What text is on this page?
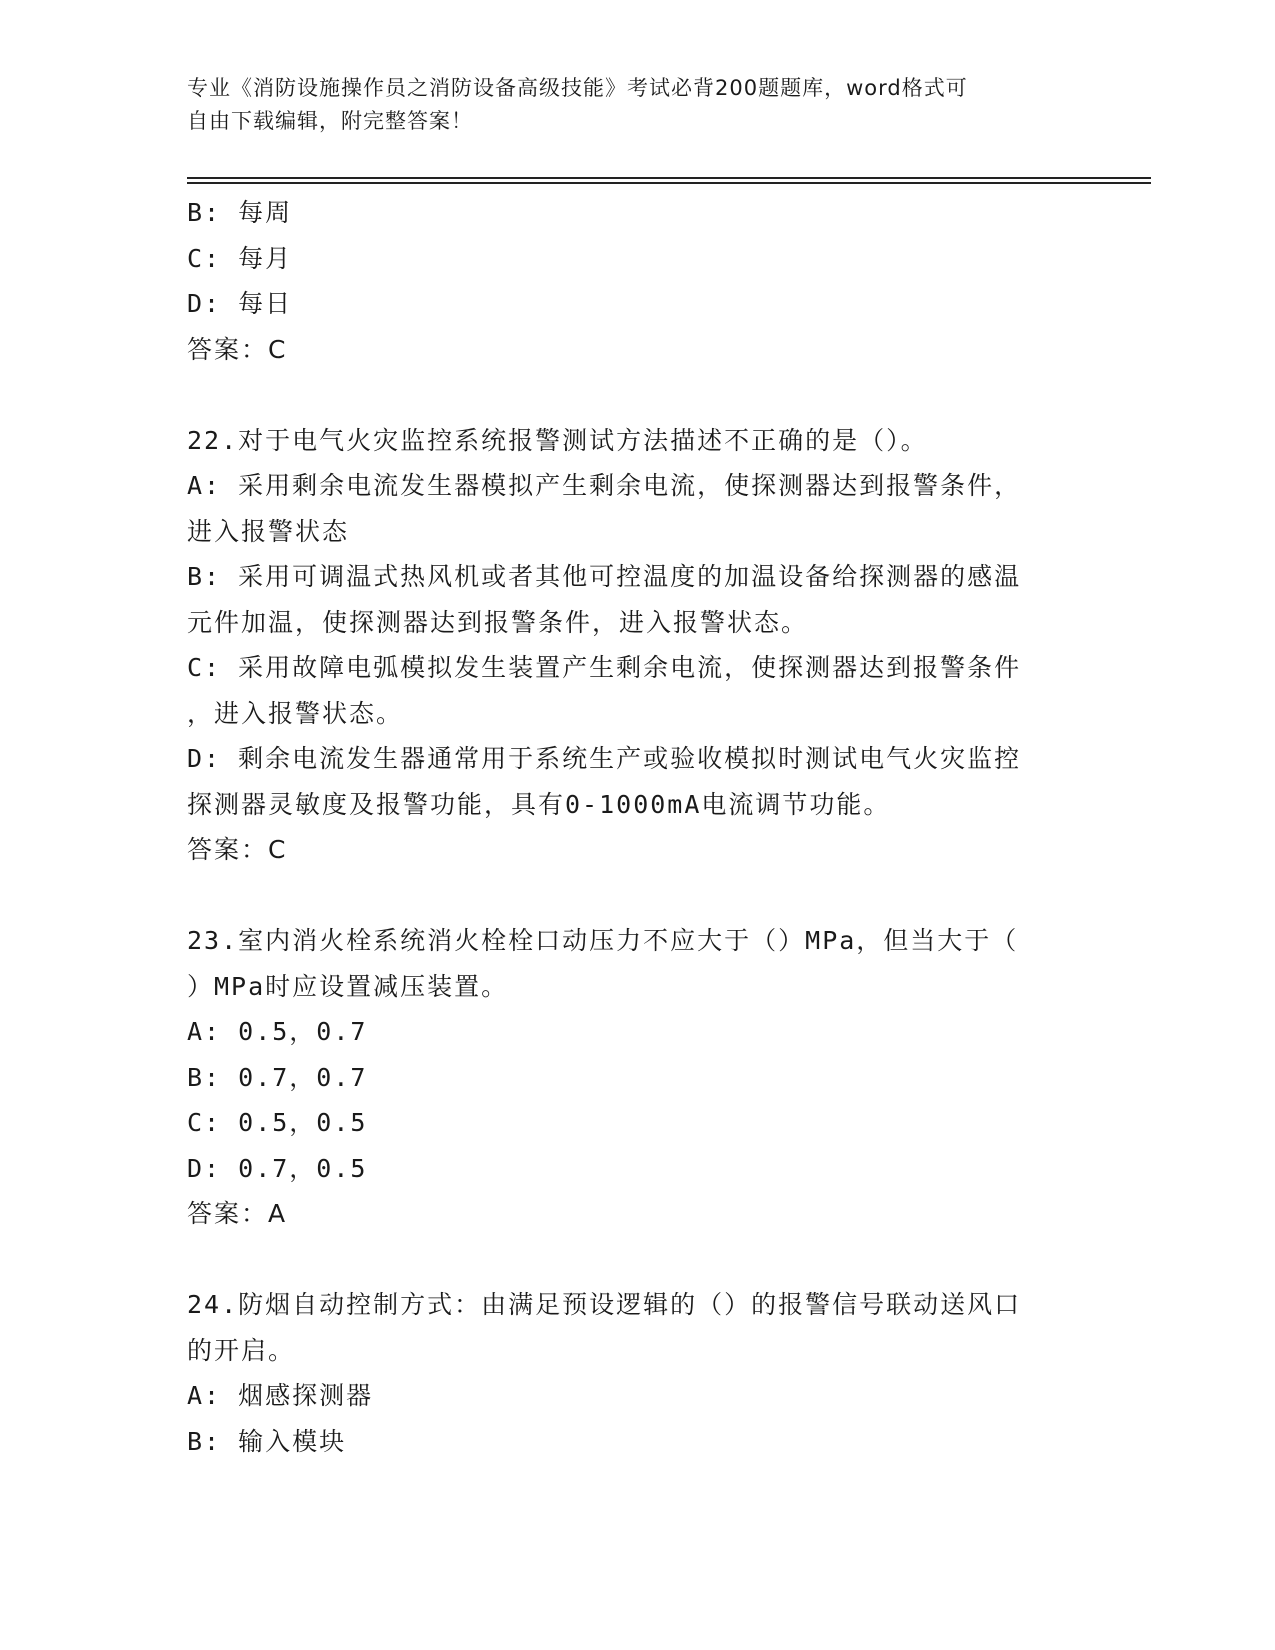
专业《消防设施操作员之消防设备高级技能》考试必背200题题库，word格式可
自由下载编辑，附完整答案！
B: 每周
C: 每月
D: 每日
答案：C
22.对于电气火灾监控系统报警测试方法描述不正确的是（）。
A: 采用剩余电流发生器模拟产生剩余电流，使探测器达到报警条件，
进入报警状态
B: 采用可调温式热风机或者其他可控温度的加温设备给探测器的感温
元件加温，使探测器达到报警条件，进入报警状态。
C: 采用故障电弧模拟发生装置产生剩余电流，使探测器达到报警条件
，进入报警状态。
D: 剩余电流发生器通常用于系统生产或验收模拟时测试电气火灾监控
探测器灵敏度及报警功能，具有0-1000mA电流调节功能。
答案：C
23.室内消火栓系统消火栓栓口动压力不应大于（）MPa，但当大于（
）MPa时应设置减压装置。
A: 0.5，0.7
B: 0.7，0.7
C: 0.5，0.5
D: 0.7，0.5
答案：A
24.防烟自动控制方式：由满足预设逻辑的（）的报警信号联动送风口
的开启。
A: 烟感探测器
B: 输入模块
